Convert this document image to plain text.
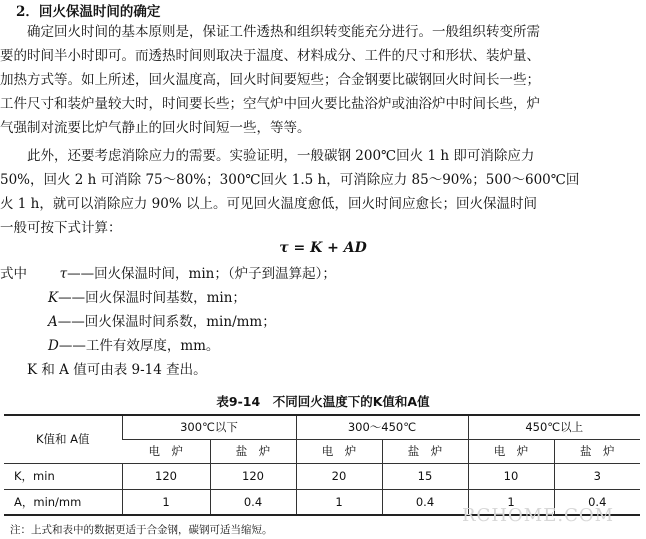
2．回火保温时间的确定
　　确定回火时间的基本原则是，保证工件透热和组织转变能充分进行。一般组织转变所需
要的时间半小时即可。而透热时间则取决于温度、材料成分、工件的尺寸和形状、装炉量、
加热方式等。如上所述，回火温度高，回火时间要短些；合金钢要比碳钢回火时间长一些；
工件尺寸和装炉量较大时，时间要长些；空气炉中回火要比盐浴炉或油浴炉中时间长些，炉
气强制对流要比炉气静止的回火时间短一些，等等。
　　此外，还要考虑消除应力的需要。实验证明，一般碳钢 200℃回火 1 h 即可消除应力
50%，回火 2 h 可消除 75～80%；300℃回火 1.5 h，可消除应力 85～90%；500～600℃回
火 1 h，就可以消除应力 90% 以上。可见回火温度愈低，回火时间应愈长；回火保温时间
一般可按下式计算：
τ = K + AD
式中 τ——回火保温时间，min；（炉子到温算起）；
K——回火保温时间基数，min；
A——回火保温时间系数，min/mm；
D——工件有效厚度，mm。
　　K 和 A 值可由表 9-14 查出。
表9-14　不同回火温度下的K值和A值
K值和 A值	300℃以下		300～450℃		450℃以上	
	电　炉	盐　炉	电　炉	盐　炉	电　炉	盐　炉
K，min	120	120	20	15	10	3
A，min/mm	1	0.4	1	0.4	1	0.4
注：上式和表中的数据更适于合金钢，碳钢可适当缩短。
RCHOME.COM
